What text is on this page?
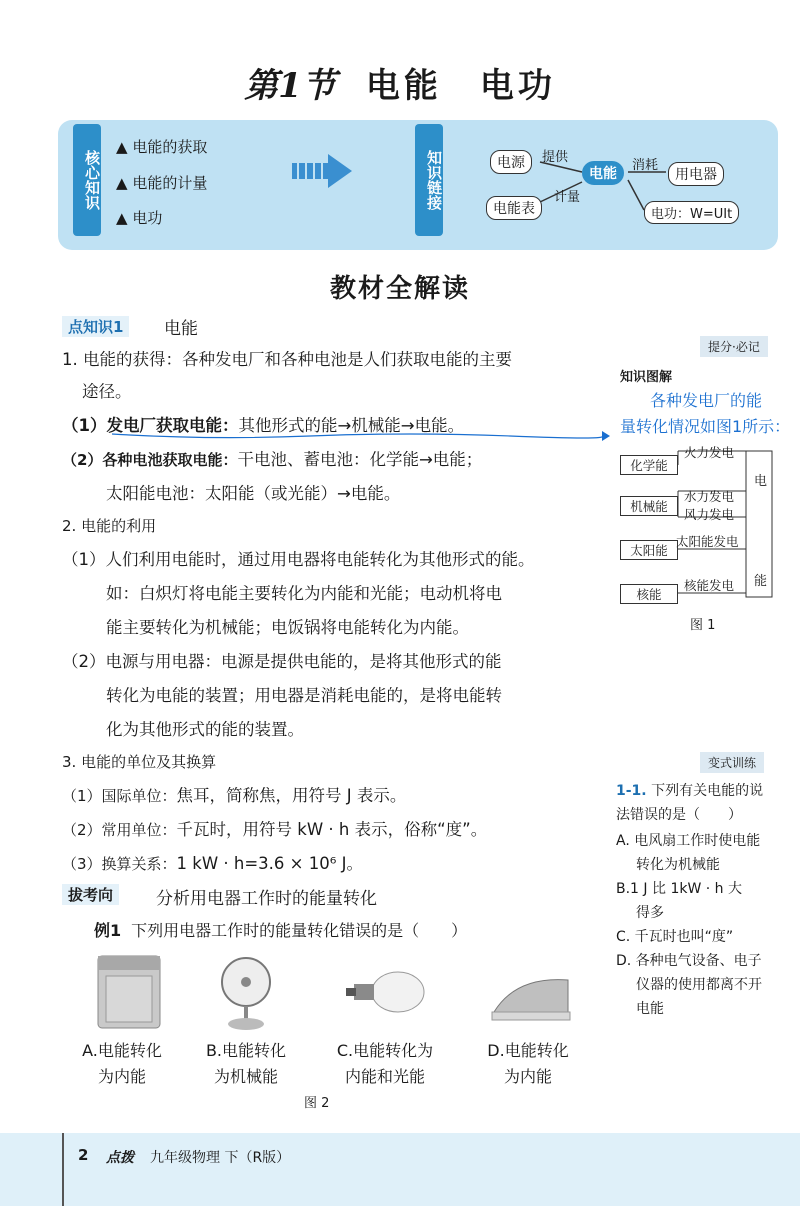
第1节 电能　电功
核心知识
▲ 电能的获取
▲ 电能的计量
▲ 电功
知识链接	电源	提供
电能
消耗
用电器
计量
电能表	电功：W=UIt
教材全解读
点知识1	电能
1. 电能的获得：各种发电厂和各种电池是人们获取电能的主要
途径。
（1）发电厂获取电能：其他形式的能→机械能→电能。
（2）各种电池获取电能：干电池、蓄电池：化学能→电能；
太阳能电池：太阳能（或光能）→电能。
2. 电能的利用
（1）人们利用电能时，通过用电器将电能转化为其他形式的能。
如：白炽灯将电能主要转化为内能和光能；电动机将电
能主要转化为机械能；电饭锅将电能转化为内能。
（2）电源与用电器：电源是提供电能的，是将其他形式的能
转化为电能的装置；用电器是消耗电能的，是将电能转
化为其他形式的能的装置。
3. 电能的单位及其换算
（1）国际单位：焦耳，简称焦，用符号 J 表示。
（2）常用单位：千瓦时，用符号 kW · h 表示，俗称“度”。
（3）换算关系：1 kW · h=3.6 × 10⁶ J。
拔考向	分析用电器工作时的能量转化
例1 下列用电器工作时的能量转化错误的是（　　）
A.电能转化
为内能
B.电能转化
为机械能
C.电能转化为
内能和光能
D.电能转化
为内能
图 2
提分·必记
知识图解
各种发电厂的能
量转化情况如图1所示：
化学能
机械能
太阳能
核能
火力发电
水力发电
风力发电
太阳能发电
核能发电
电
能
图 1
变式训练
1-1. 下列有关电能的说
法错误的是（　　）
A. 电风扇工作时使电能
转化为机械能
B.1 J 比 1kW · h 大
得多
C. 千瓦时也叫“度”
D. 各种电气设备、电子
仪器的使用都离不开
电能
2 点拨 九年级物理 下（R版）
